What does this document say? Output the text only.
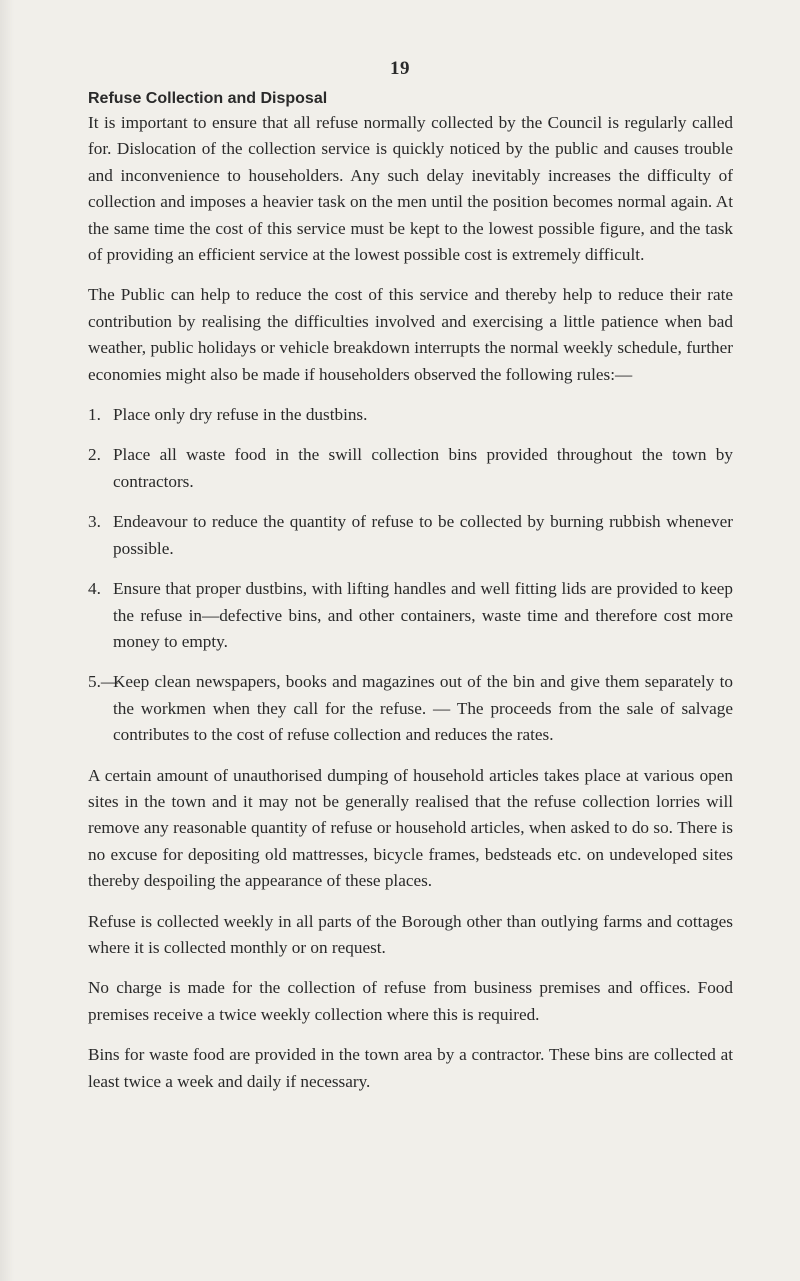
19
Refuse Collection and Disposal

It is important to ensure that all refuse normally collected by the Council is regularly called for. Dislocation of the collection service is quickly noticed by the public and causes trouble and inconvenience to householders. Any such delay inevitably increases the difficulty of collection and imposes a heavier task on the men until the position becomes normal again. At the same time the cost of this service must be kept to the lowest possible figure, and the task of providing an efficient service at the lowest possible cost is extremely difficult.

The Public can help to reduce the cost of this service and thereby help to reduce their rate contribution by realising the difficulties involved and exercising a little patience when bad weather, public holidays or vehicle breakdown interrupts the normal weekly schedule, further economies might also be made if householders observed the following rules:—

1. Place only dry refuse in the dustbins.
2. Place all waste food in the swill collection bins provided throughout the town by contractors.
3. Endeavour to reduce the quantity of refuse to be collected by burning rubbish whenever possible.
4. Ensure that proper dustbins, with lifting handles and well fitting lids are provided to keep the refuse in—defective bins, and other containers, waste time and therefore cost more money to empty.
5.—
Keep clean newspapers, books and magazines out of the bin and give them separately to the workmen when they call for the refuse. — The proceeds from the sale of salvage contributes to the cost of refuse collection and reduces the rates.

A certain amount of unauthorised dumping of household articles takes place at various open sites in the town and it may not be generally realised that the refuse collection lorries will remove any reasonable quantity of refuse or household articles, when asked to do so. There is no excuse for depositing old mattresses, bicycle frames, bedsteads etc. on undeveloped sites thereby despoiling the appearance of these places.

Refuse is collected weekly in all parts of the Borough other than outlying farms and cottages where it is collected monthly or on request.

No charge is made for the collection of refuse from business premises and offices. Food premises receive a twice weekly collection where this is required.

Bins for waste food are provided in the town area by a contractor. These bins are collected at least twice a week and daily if necessary.
